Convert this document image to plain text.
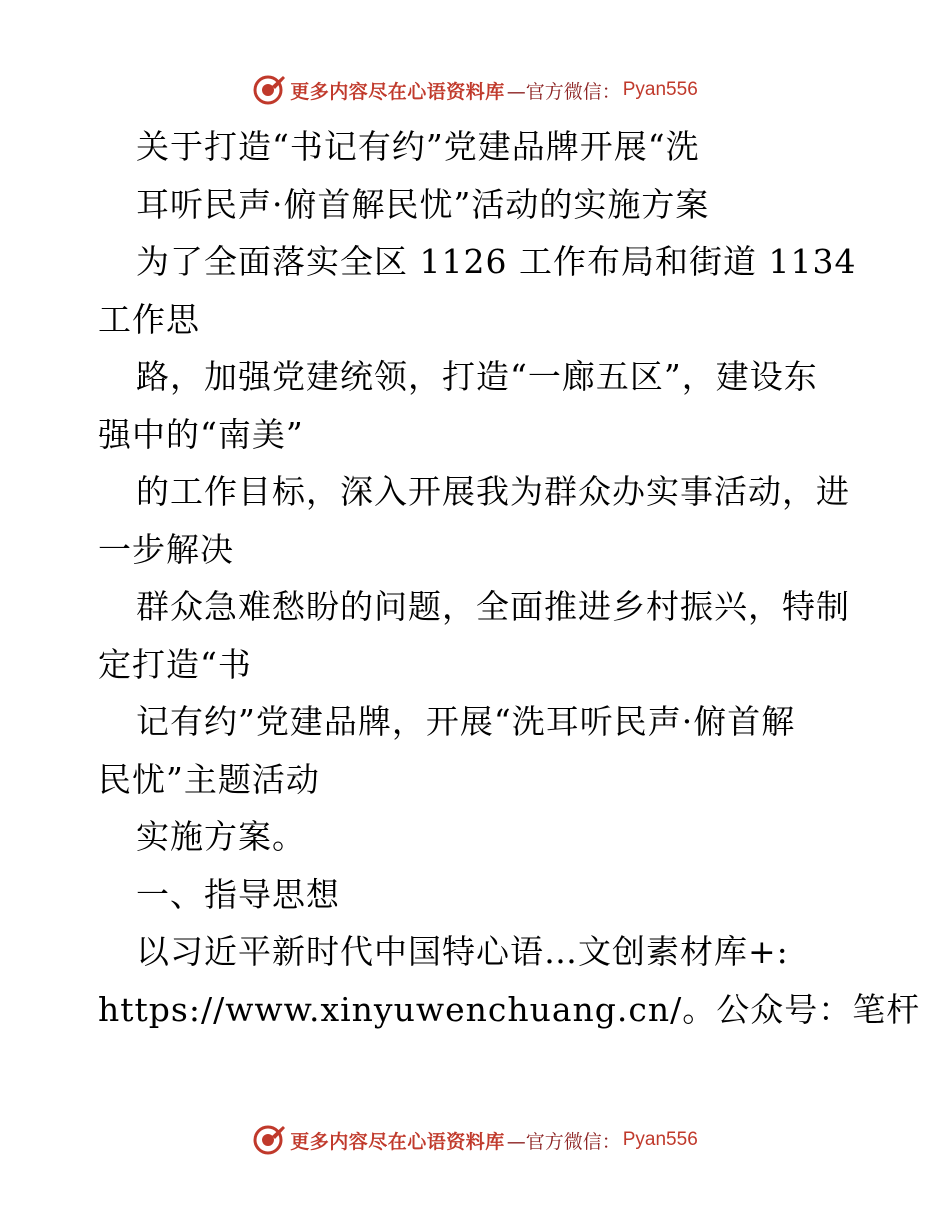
更多内容尽在心语资料库 —官方微信： Pyan556
关于打造“书记有约”党建品牌开展“洗
耳听民声·俯首解民忧”活动的实施方案
为了全面落实全区 1126 工作布局和街道 1134
工作思
路，加强党建统领，打造“一廊五区”，建设东
强中的“南美”
的工作目标，深入开展我为群众办实事活动，进
一步解决
群众急难愁盼的问题，全面推进乡村振兴，特制
定打造“书
记有约”党建品牌，开展“洗耳听民声·俯首解
民忧”主题活动
实施方案。
一、指导思想
以习近平新时代中国特心语…文创素材库+:
https://www.xinyuwenchuang.cn/。公众号：笔杆
更多内容尽在心语资料库 —官方微信： Pyan556
